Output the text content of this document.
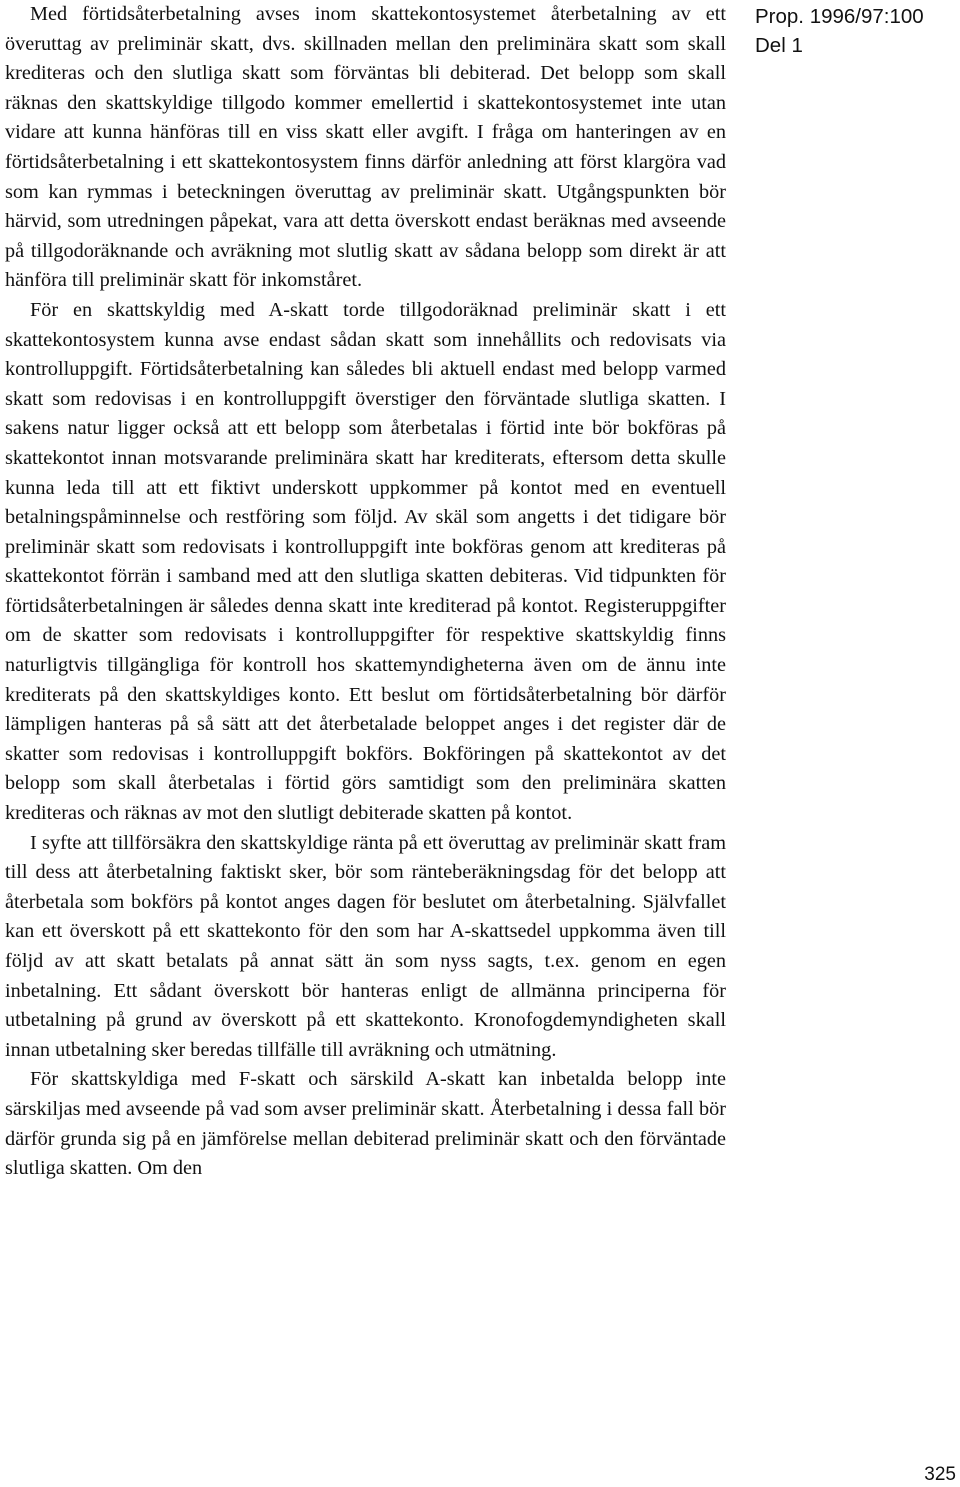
Med förtidsåterbetalning avses inom skattekontosystemet återbetalning av ett överuttag av preliminär skatt, dvs. skillnaden mellan den preliminära skatt som skall krediteras och den slutliga skatt som förväntas bli debiterad. Det belopp som skall räknas den skattskyldige tillgodo kommer emellertid i skattekontosystemet inte utan vidare att kunna hänföras till en viss skatt eller avgift. I fråga om hanteringen av en förtidsåterbetalning i ett skattekontosystem finns därför anledning att först klargöra vad som kan rymmas i beteckningen överuttag av preliminär skatt. Utgångspunkten bör härvid, som utredningen påpekat, vara att detta överskott endast beräknas med avseende på tillgodoräknande och avräkning mot slutlig skatt av sådana belopp som direkt är att hänföra till preliminär skatt för inkomståret.

För en skattskyldig med A-skatt torde tillgodoräknad preliminär skatt i ett skattekontosystem kunna avse endast sådan skatt som innehållits och redovisats via kontrolluppgift. Förtidsåterbetalning kan således bli aktuell endast med belopp varmed skatt som redovisas i en kontrolluppgift överstiger den förväntade slutliga skatten. I sakens natur ligger också att ett belopp som återbetalas i förtid inte bör bokföras på skattekontot innan motsvarande preliminära skatt har krediterats, eftersom detta skulle kunna leda till att ett fiktivt underskott uppkommer på kontot med en eventuell betalningspåminnelse och restföring som följd. Av skäl som angetts i det tidigare bör preliminär skatt som redovisats i kontrolluppgift inte bokföras genom att krediteras på skattekontot förrän i samband med att den slutliga skatten debiteras. Vid tidpunkten för förtidsåterbetalningen är således denna skatt inte krediterad på kontot. Registeruppgifter om de skatter som redovisats i kontrolluppgifter för respektive skattskyldig finns naturligtvis tillgängliga för kontroll hos skattemyndigheterna även om de ännu inte krediterats på den skattskyldiges konto. Ett beslut om förtidsåterbetalning bör därför lämpligen hanteras på så sätt att det återbetalade beloppet anges i det register där de skatter som redovisas i kontrolluppgift bokförs. Bokföringen på skattekontot av det belopp som skall återbetalas i förtid görs samtidigt som den preliminära skatten krediteras och räknas av mot den slutligt debiterade skatten på kontot.

I syfte att tillförsäkra den skattskyldige ränta på ett överuttag av preliminär skatt fram till dess att återbetalning faktiskt sker, bör som ränteberäkningsdag för det belopp att återbetala som bokförs på kontot anges dagen för beslutet om återbetalning. Självfallet kan ett överskott på ett skattekonto för den som har A-skattsedel uppkomma även till följd av att skatt betalats på annat sätt än som nyss sagts, t.ex. genom en egen inbetalning. Ett sådant överskott bör hanteras enligt de allmänna principerna för utbetalning på grund av överskott på ett skattekonto. Kronofogdemyndigheten skall innan utbetalning sker beredas tillfälle till avräkning och utmätning.

För skattskyldiga med F-skatt och särskild A-skatt kan inbetalda belopp inte särskiljas med avseende på vad som avser preliminär skatt. Återbetalning i dessa fall bör därför grunda sig på en jämförelse mellan debiterad preliminär skatt och den förväntade slutliga skatten. Om den

Prop. 1996/97:100
Del 1
325
